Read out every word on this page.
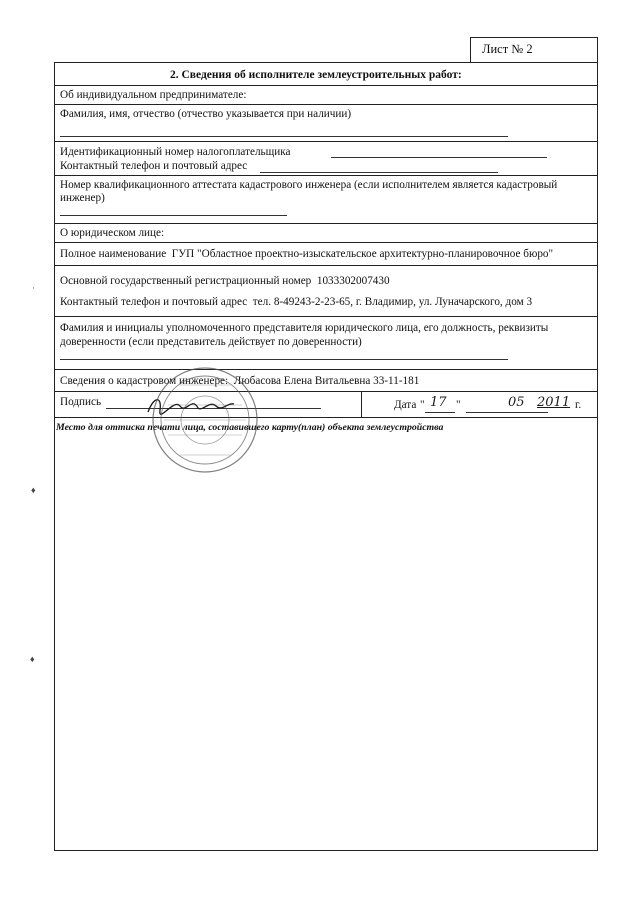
Лист № 2
2. Сведения об исполнителе землеустроительных работ:
Об индивидуальном предпринимателе:
Фамилия, имя, отчество (отчество указывается при наличии)
Идентификационный номер налогоплательщика
Контактный телефон и почтовый адрес
Номер квалификационного аттестата кадастрового инженера (если исполнителем является кадастровый
инженер)
О юридическом лице:
Полное наименование ГУП "Областное проектно-изыскательское архитектурно-планировочное бюро"
Основной государственный регистрационный номер 1033302007430
Контактный телефон и почтовый адрес тел. 8-49243-2-23-65, г. Владимир, ул. Луначарского, дом 3
Фамилия и инициалы уполномоченного представителя юридического лица, его должность, реквизиты
доверенности (если представитель действует по доверенности)
Сведения о кадастровом инженере: Любасова Елена Витальевна 33-11-181
Подпись	Дата " 17 "	05 2011 г.
Место для оттиска печати лица, составившего карту(план) объекта землеустройства
·
♦
♦
